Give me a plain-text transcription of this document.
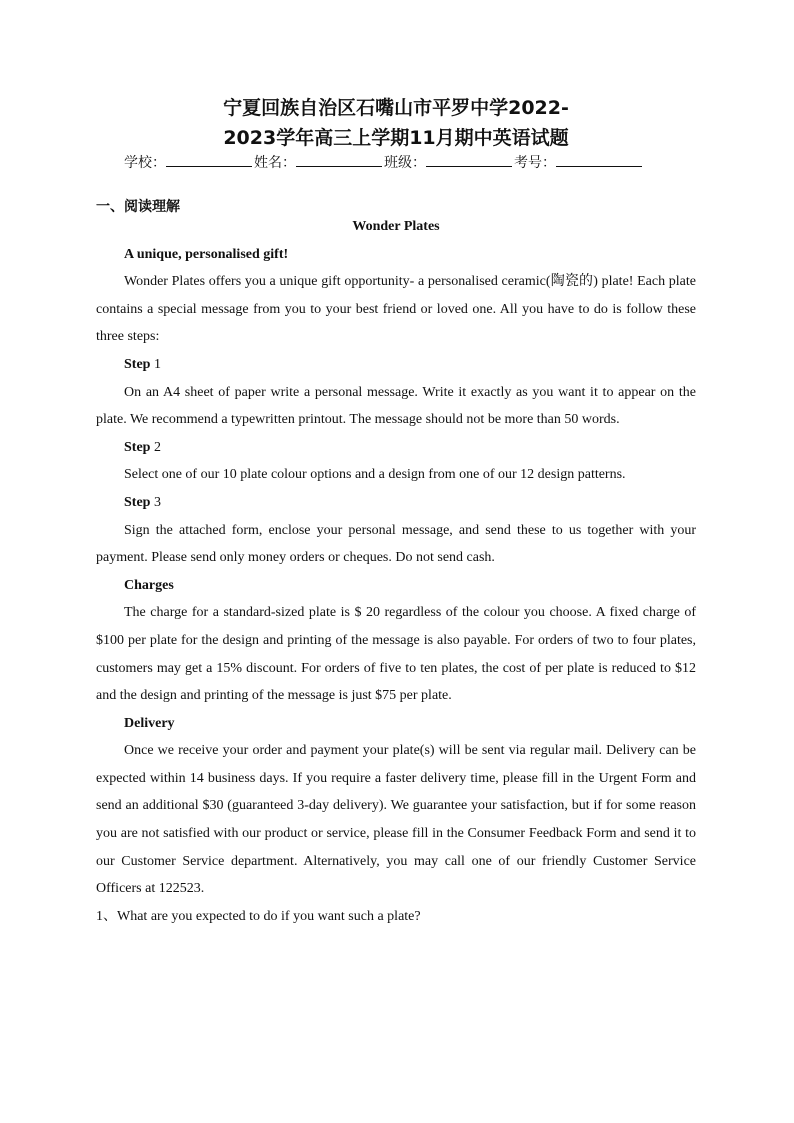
宁夏回族自治区石嘴山市平罗中学2022-
2023学年高三上学期11月期中英语试题
学校：	姓名：	班级：	考号：
一、阅读理解

Wonder Plates

A unique, personalised gift!

Wonder Plates offers you a unique gift opportunity- a personalised ceramic(陶瓷的) plate! Each plate contains a special message from you to your best friend or loved one. All you have to do is follow these three steps:

Step 1

On an A4 sheet of paper write a personal message. Write it exactly as you want it to appear on the plate. We recommend a typewritten printout. The message should not be more than 50 words.

Step 2

Select one of our 10 plate colour options and a design from one of our 12 design patterns.

Step 3

Sign the attached form, enclose your personal message, and send these to us together with your payment. Please send only money orders or cheques. Do not send cash.

Charges

The charge for a standard-sized plate is $ 20 regardless of the colour you choose. A fixed charge of $100 per plate for the design and printing of the message is also payable. For orders of two to four plates, customers may get a 15% discount. For orders of five to ten plates, the cost of per plate is reduced to $12 and the design and printing of the message is just $75 per plate.

Delivery

Once we receive your order and payment your plate(s) will be sent via regular mail. Delivery can be expected within 14 business days. If you require a faster delivery time, please fill in the Urgent Form and send an additional $30 (guaranteed 3-day delivery). We guarantee your satisfaction, but if for some reason you are not satisfied with our product or service, please fill in the Consumer Feedback Form and send it to our Customer Service department. Alternatively, you may call one of our friendly Customer Service Officers at 122523.

1、What are you expected to do if you want such a plate?
